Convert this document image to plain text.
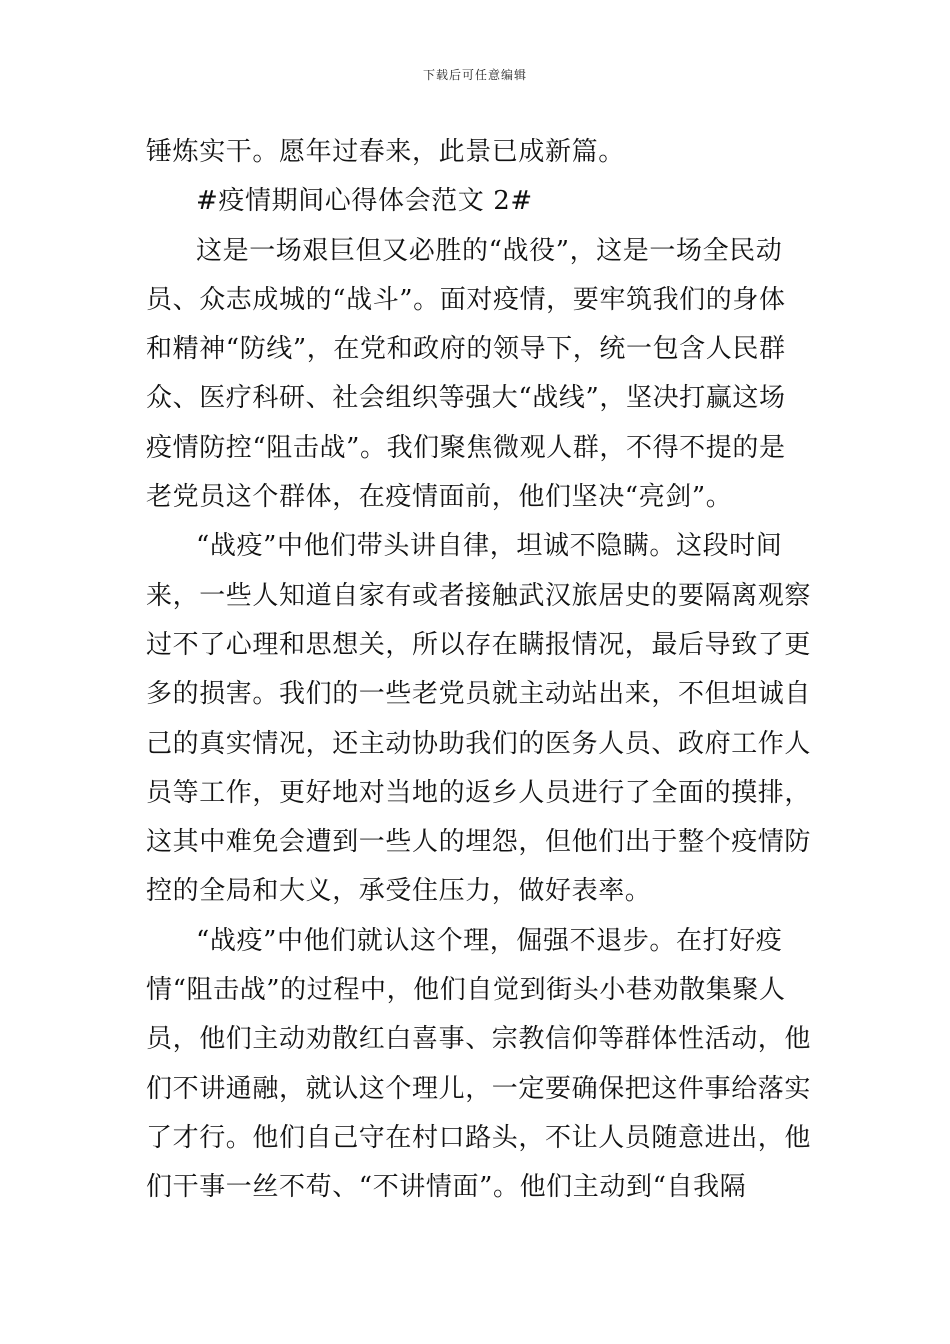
下载后可任意编辑
锤炼实干。愿年过春来，此景已成新篇。
#疫情期间心得体会范文 2#
这是一场艰巨但又必胜的“战役”，这是一场全民动
员、众志成城的“战斗”。面对疫情，要牢筑我们的身体
和精神“防线”，在党和政府的领导下，统一包含人民群
众、医疗科研、社会组织等强大“战线”，坚决打赢这场
疫情防控“阻击战”。我们聚焦微观人群，不得不提的是
老党员这个群体，在疫情面前，他们坚决“亮剑”。
“战疫”中他们带头讲自律，坦诚不隐瞒。这段时间
来，一些人知道自家有或者接触武汉旅居史的要隔离观察
过不了心理和思想关，所以存在瞒报情况，最后导致了更
多的损害。我们的一些老党员就主动站出来，不但坦诚自
己的真实情况，还主动协助我们的医务人员、政府工作人
员等工作，更好地对当地的返乡人员进行了全面的摸排，
这其中难免会遭到一些人的埋怨，但他们出于整个疫情防
控的全局和大义，承受住压力，做好表率。
“战疫”中他们就认这个理，倔强不退步。在打好疫
情“阻击战”的过程中，他们自觉到街头小巷劝散集聚人
员，他们主动劝散红白喜事、宗教信仰等群体性活动，他
们不讲通融，就认这个理儿，一定要确保把这件事给落实
了才行。他们自己守在村口路头，不让人员随意进出，他
们干事一丝不苟、“不讲情面”。他们主动到“自我隔
